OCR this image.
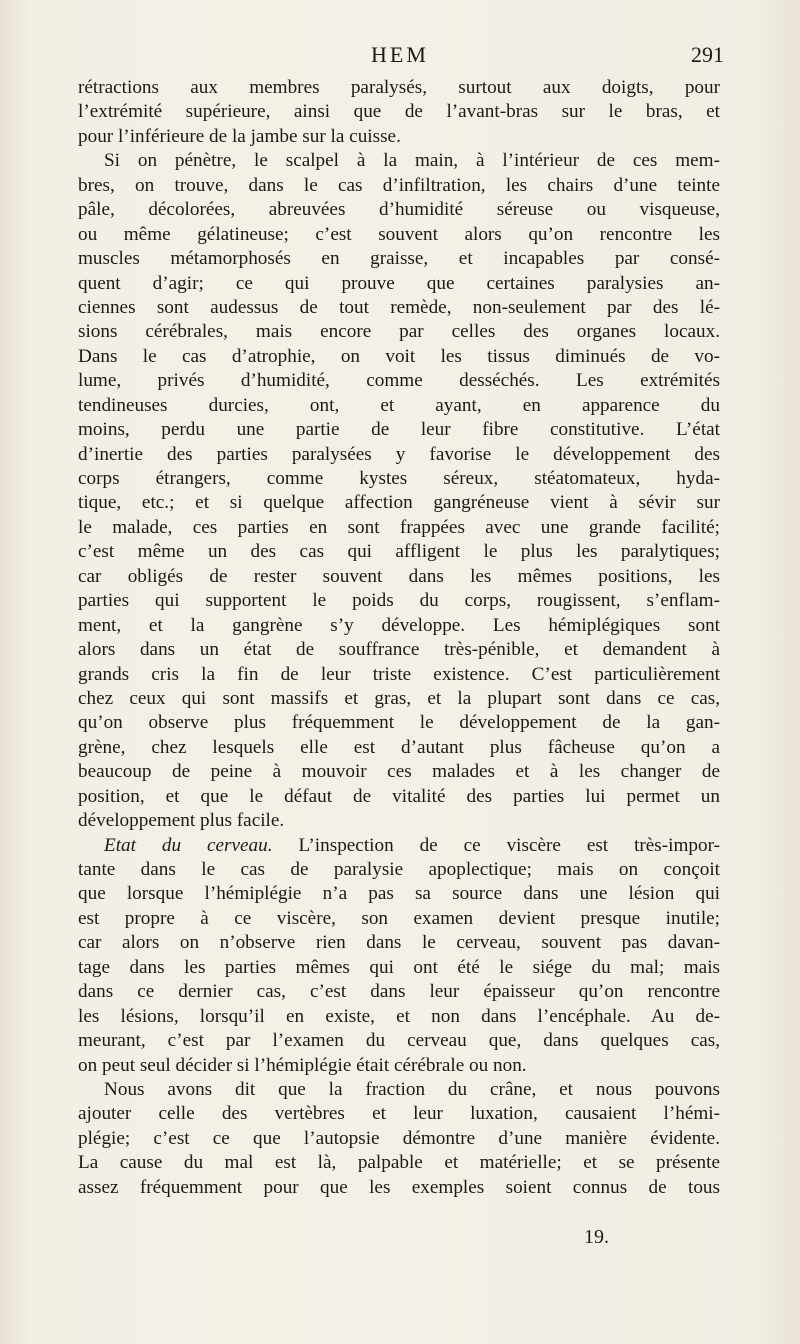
HEM	291
rétractions aux membres paralysés, surtout aux doigts, pour
l’extrémité supérieure, ainsi que de l’avant-bras sur le bras, et
pour l’inférieure de la jambe sur la cuisse.
Si on pénètre, le scalpel à la main, à l’intérieur de ces mem-
bres, on trouve, dans le cas d’infiltration, les chairs d’une teinte
pâle, décolorées, abreuvées d’humidité séreuse ou visqueuse,
ou même gélatineuse; c’est souvent alors qu’on rencontre les
muscles métamorphosés en graisse, et incapables par consé-
quent d’agir; ce qui prouve que certaines paralysies an-
ciennes sont audessus de tout remède, non-seulement par des lé-
sions cérébrales, mais encore par celles des organes locaux.
Dans le cas d’atrophie, on voit les tissus diminués de vo-
lume, privés d’humidité, comme desséchés. Les extrémités
tendineuses durcies, ont, et ayant, en apparence du
moins, perdu une partie de leur fibre constitutive. L’état
d’inertie des parties paralysées y favorise le développement des
corps étrangers, comme kystes séreux, stéatomateux, hyda-
tique, etc.; et si quelque affection gangréneuse vient à sévir sur
le malade, ces parties en sont frappées avec une grande facilité;
c’est même un des cas qui affligent le plus les paralytiques;
car obligés de rester souvent dans les mêmes positions, les
parties qui supportent le poids du corps, rougissent, s’enflam-
ment, et la gangrène s’y développe. Les hémiplégiques sont
alors dans un état de souffrance très-pénible, et demandent à
grands cris la fin de leur triste existence. C’est particulièrement
chez ceux qui sont massifs et gras, et la plupart sont dans ce cas,
qu’on observe plus fréquemment le développement de la gan-
grène, chez lesquels elle est d’autant plus fâcheuse qu’on a
beaucoup de peine à mouvoir ces malades et à les changer de
position, et que le défaut de vitalité des parties lui permet un
développement plus facile.
Etat du cerveau. L’inspection de ce viscère est très-impor-
tante dans le cas de paralysie apoplectique; mais on conçoit
que lorsque l’hémiplégie n’a pas sa source dans une lésion qui
est propre à ce viscère, son examen devient presque inutile;
car alors on n’observe rien dans le cerveau, souvent pas davan-
tage dans les parties mêmes qui ont été le siége du mal; mais
dans ce dernier cas, c’est dans leur épaisseur qu’on rencontre
les lésions, lorsqu’il en existe, et non dans l’encéphale. Au de-
meurant, c’est par l’examen du cerveau que, dans quelques cas,
on peut seul décider si l’hémiplégie était cérébrale ou non.
Nous avons dit que la fraction du crâne, et nous pouvons
ajouter celle des vertèbres et leur luxation, causaient l’hémi-
plégie; c’est ce que l’autopsie démontre d’une manière évidente.
La cause du mal est là, palpable et matérielle; et se présente
assez fréquemment pour que les exemples soient connus de tous
19.
